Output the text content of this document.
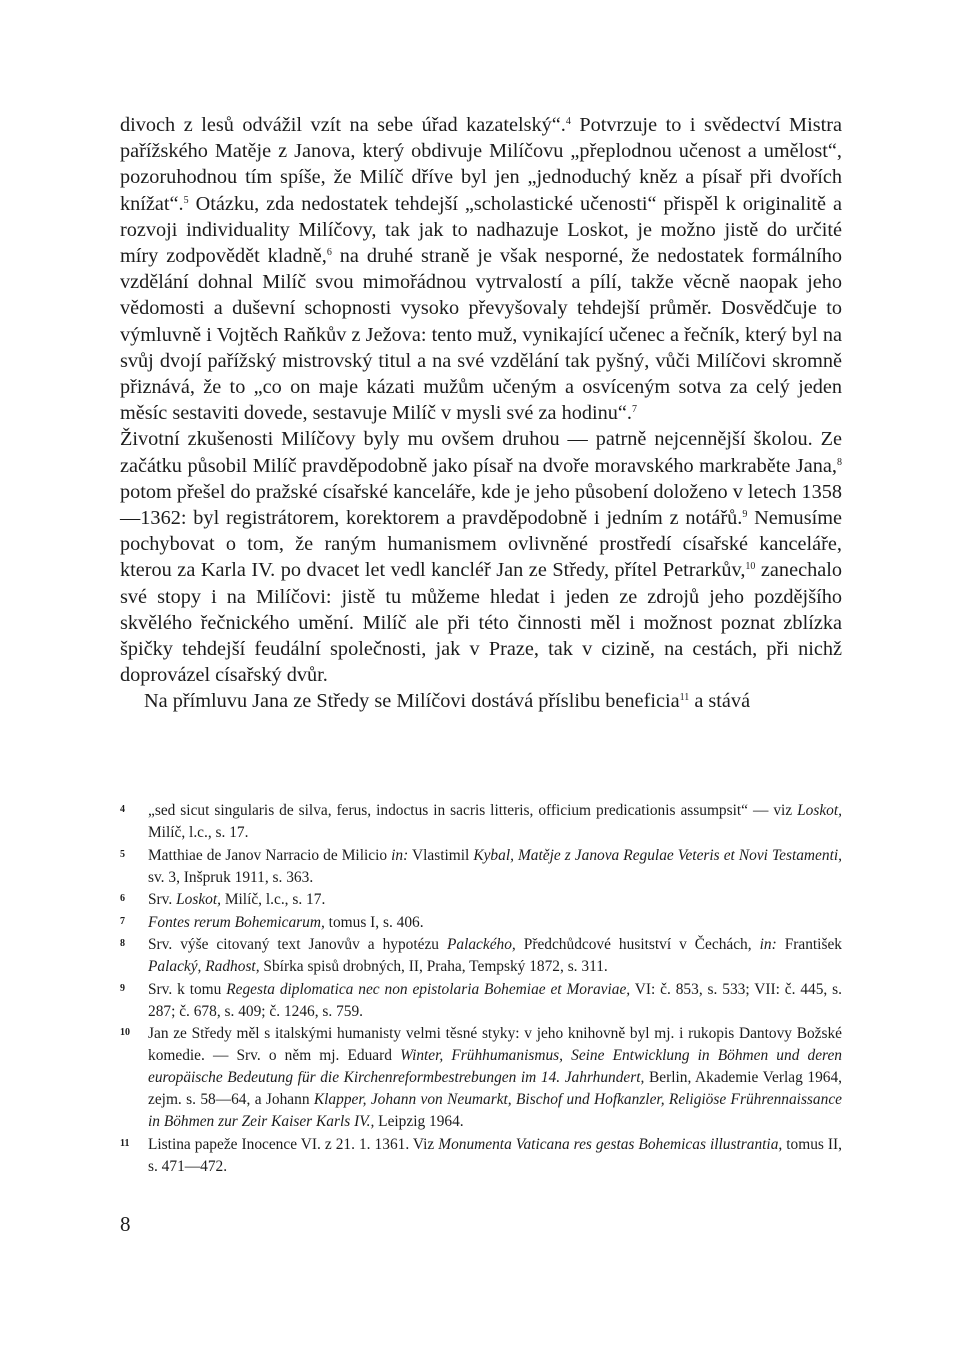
divoch z lesů odvážil vzít na sebe úřad kazatelský“.$^4$ Potvrzuje to i svědectví Mistra pařížského Matěje z Janova, který obdivuje Milíčovu „přeplodnou učenost a umělost“, pozoruhodnou tím spíše, že Milíč dříve byl jen „jednoduchý kněz a písař při dvořích knížat“.$^5$ Otázku, zda nedostatek tehdejší „scholastické učenosti“ přispěl k originalitě a rozvoji individuality Milíčovy, tak jak to nadhazuje Loskot, je možno jistě do určité míry zodpovědět kladně,$^6$ na druhé straně je však nesporné, že nedostatek formálního vzdělání dohnal Milíč svou mimořádnou vytrvalostí a pílí, takže věcně naopak jeho vědomosti a duševní schopnosti vysoko převyšovaly tehdejší průměr. Dosvědčuje to výmluvně i Vojtěch Raňkův z Ježova: tento muž, vynikající učenec a řečník, který byl na svůj dvojí pařížský mistrovský titul a na své vzdělání tak pyšný, vůči Milíčovi skromně přiznává, že to „co on maje kázati mužům učeným a osvíceným sotva za celý jeden měsíc sestaviti dovede, sestavuje Milíč v mysli své za hodinu“.$^7$

Životní zkušenosti Milíčovy byly mu ovšem druhou — patrně nejcennější školou. Ze začátku působil Milíč pravděpodobně jako písař na dvoře moravského markraběte Jana,$^8$ potom přešel do pražské císařské kanceláře, kde je jeho působení doloženo v letech 1358—1362: byl registrátorem, korektorem a pravděpodobně i jedním z notářů.$^9$ Nemusíme pochybovat o tom, že raným humanismem ovlivněné prostředí císařské kanceláře, kterou za Karla IV. po dvacet let vedl kancléř Jan ze Středy, přítel Petrarkův,$^{10}$ zanechalo své stopy i na Milíčovi: jistě tu můžeme hledat i jeden ze zdrojů jeho pozdějšího skvělého řečnického umění. Milíč ale při této činnosti měl i možnost poznat zblízka špičky tehdejší feudální společnosti, jak v Praze, tak v cizině, na cestách, při nichž doprovázel císařský dvůr.

Na přímluvu Jana ze Středy se Milíčovi dostává příslibu beneficia$^{11}$ a stává

4 „sed sicut singularis de silva, ferus, indoctus in sacris litteris, officium predicationis assumpsit“ — viz Loskot, Milíč, l.c., s. 17.
5 Matthiae de Janov Narracio de Milicio in: Vlastimil Kybal, Matěje z Janova Regulae Veteris et Novi Testamenti, sv. 3, Inšpruk 1911, s. 363.
6 Srv. Loskot, Milíč, l.c., s. 17.
7 Fontes rerum Bohemicarum, tomus I, s. 406.
8 Srv. výše citovaný text Janovův a hypotézu Palackého, Předchůdcové husitství v Čechách, in: František Palacký, Radhost, Sbírka spisů drobných, II, Praha, Tempský 1872, s. 311.
9 Srv. k tomu Regesta diplomatica nec non epistolaria Bohemiae et Moraviae, VI: č. 853, s. 533; VII: č. 445, s. 287; č. 678, s. 409; č. 1246, s. 759.
10 Jan ze Středy měl s italskými humanisty velmi těsné styky: v jeho knihovně byl mj. i rukopis Dantovy Božské komedie. — Srv. o něm mj. Eduard Winter, Frühhumanismus, Seine Entwicklung in Böhmen und deren europäische Bedeutung für die Kirchenreformbestrebungen im 14. Jahrhundert, Berlin, Akademie Verlag 1964, zejm. s. 58—64, a Johann Klapper, Johann von Neumarkt, Bischof und Hofkanzler, Religiöse Frührennaissance in Böhmen zur Zeir Kaiser Karls IV., Leipzig 1964.
11 Listina papeže Inocence VI. z 21. 1. 1361. Viz Monumenta Vaticana res gestas Bohemicas illustrantia, tomus II, s. 471—472.
8
